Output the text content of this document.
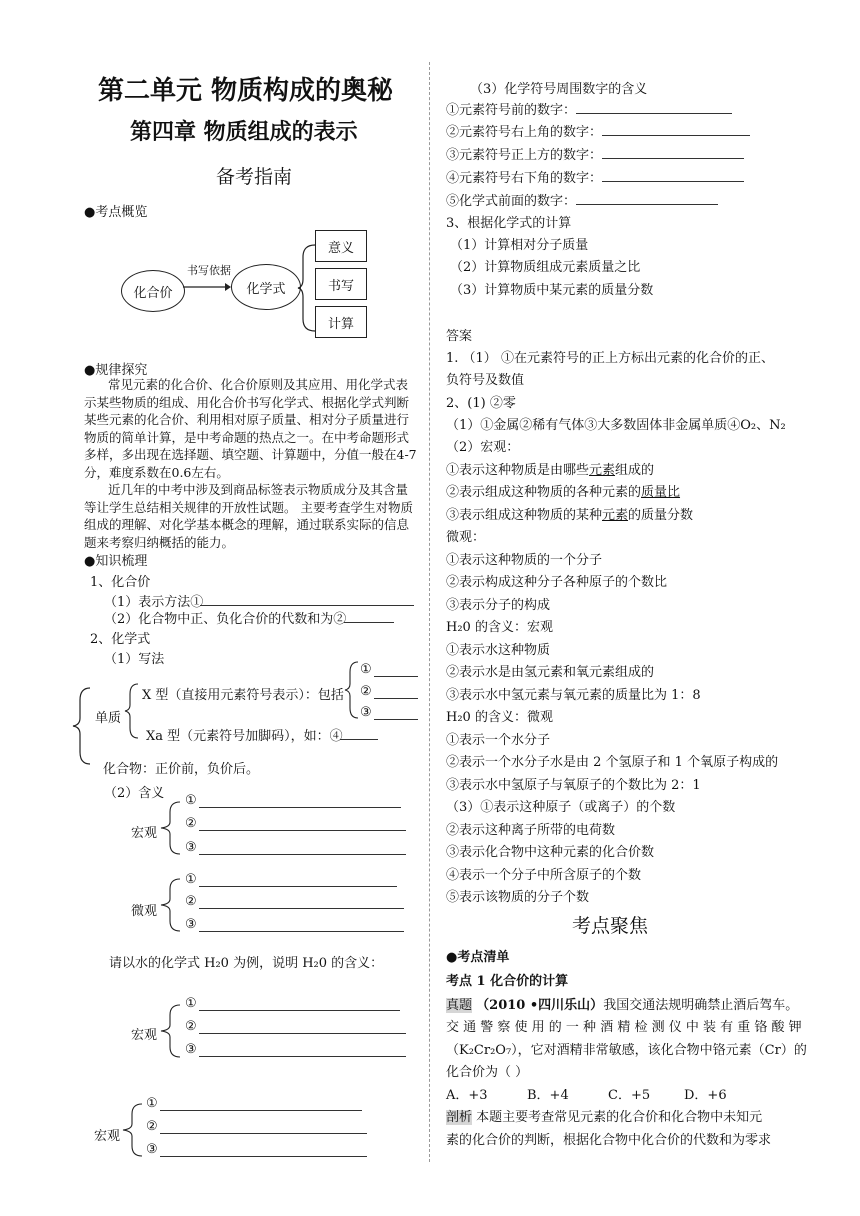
第二单元 物质构成的奥秘
第四章 物质组成的表示
备考指南
●考点概览
化合价
书写依据
化学式
意义
书写
计算
●规律探究
常见元素的化合价、化合价原则及其应用、用化学式表示某些物质的组成、用化合价书写化学式、根据化学式判断某些元素的化合价、利用相对原子质量、相对分子质量进行物质的简单计算，是中考命题的热点之一。在中考命题形式多样，多出现在选择题、填空题、计算题中，分值一般在4-7分，难度系数在0.6左右。
近几年的中考中涉及到商品标签表示物质成分及其含量等让学生总结相关规律的开放性试题。 主要考查学生对物质组成的理解、对化学基本概念的理解，通过联系实际的信息题来考察归纳概括的能力。
●知识梳理
1、化合价
（1）表示方法①
（2）化合物中正、负化合价的代数和为②
2、化学式
（1）写法
单质
X 型（直接用元素符号表示）：包括
①
②
③
Xa 型（元素符号加脚码），如：④
化合物：正价前，负价后。
（2）含义
宏观
①
②
③
微观
①
②
③
请以水的化学式 H₂0 为例，说明 H₂0 的含义：
宏观
①
②
③
宏观
①
②
③
（3）化学符号周围数字的含义
①元素符号前的数字：
②元素符号右上角的数字：
③元素符号正上方的数字：
④元素符号右下角的数字：
⑤化学式前面的数字：
3、根据化学式的计算
（1）计算相对分子质量
（2）计算物质组成元素质量之比
（3）计算物质中某元素的质量分数
答案
1. （1） ①在元素符号的正上方标出元素的化合价的正、
负符号及数值
2、(1) ②零
（1）①金属②稀有气体③大多数固体非金属单质④O₂、N₂
（2）宏观：
①表示这种物质是由哪些元素组成的
②表示组成这种物质的各种元素的质量比
③表示组成这种物质的某种元素的质量分数
微观：
①表示这种物质的一个分子
②表示构成这种分子各种原子的个数比
③表示分子的构成
H₂0 的含义：宏观
①表示水这种物质
②表示水是由氢元素和氧元素组成的
③表示水中氢元素与氧元素的质量比为 1：8
H₂0 的含义：微观
①表示一个水分子
②表示一个水分子水是由 2 个氢原子和 1 个氧原子构成的
③表示水中氢原子与氧原子的个数比为 2：1
（3）①表示这种原子（或离子）的个数
②表示这种离子所带的电荷数
③表示化合物中这种元素的化合价数
④表示一个分子中所含原子的个数
⑤表示该物质的分子个数
考点聚焦
●考点清单
考点 1 化合价的计算
真题 （2010 •四川乐山）我国交通法规明确禁止酒后驾车。
交 通 警 察 使 用 的 一 种 酒 精 检 测 仪 中 装 有 重 铬 酸 钾
（K₂Cr₂O₇），它对酒精非常敏感，该化合物中铬元素（Cr）的
化合价为（ ）
A．+3	B．+4	C．+5	D．+6
剖析 本题主要考查常见元素的化合价和化合物中未知元
素的化合价的判断，根据化合物中化合价的代数和为零求
